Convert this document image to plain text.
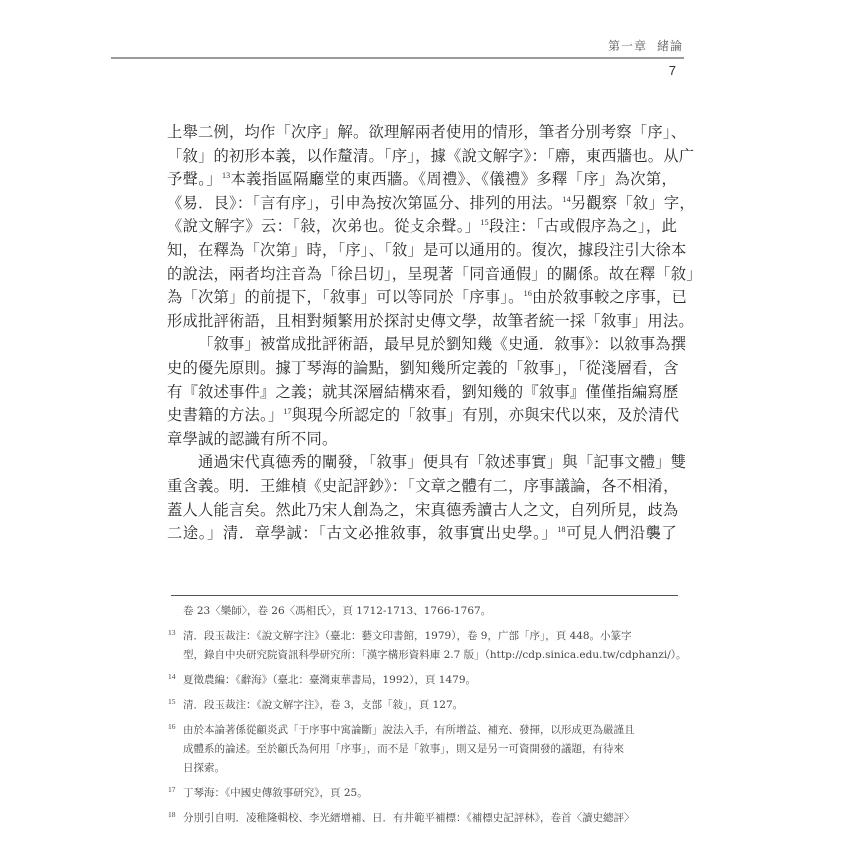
第一章 緒論
7
上舉二例，均作「次序」解。欲理解兩者使用的情形，筆者分別考察「序」、
「敘」的初形本義，以作釐清。「序」，據《說文解字》：「廗，東西牆也。从广
予聲。」$^{13}$本義指區隔廳堂的東西牆。《周禮》、《儀禮》多釋「序」為次第，
《易．艮》：「言有序」，引申為按次第區分、排列的用法。$^{14}$另觀察「敘」字，
《說文解字》云：「敍，次弟也。從攴余聲。」$^{15}$段注：「古或假序為之」，此
知，在釋為「次第」時，「序」、「敘」是可以通用的。復次，據段注引大徐本
的說法，兩者均注音為「徐吕切」，呈現著「同音通假」的關係。故在釋「敘」
為「次第」的前提下，「敘事」可以等同於「序事」。$^{16}$由於敘事較之序事，已
形成批評術語，且相對頻繁用於探討史傳文學，故筆者統一採「敘事」用法。
「敘事」被當成批評術語，最早見於劉知幾《史通．敘事》：以敘事為撰
史的優先原則。據丁琴海的論點，劉知幾所定義的「敘事」，「從淺層看，含
有『敘述事件』之義；就其深層結構來看，劉知幾的『敘事』僅僅指編寫歷
史書籍的方法。」$^{17}$與現今所認定的「敘事」有別，亦與宋代以來，及於清代
章學誠的認識有所不同。
通過宋代真德秀的闡發，「敘事」便具有「敘述事實」與「記事文體」雙
重含義。明．王維楨《史記評鈔》：「文章之體有二，序事議論，各不相淆，
蓋人人能言矣。然此乃宋人創為之，宋真德秀讀古人之文，自列所見，歧為
二途。」清．章學誠：「古文必推敘事，敘事實出史學。」$^{18}$可見人們沿襲了
卷 23〈樂師〉，卷 26〈馮相氏〉，頁 1712-1713、1766-1767。
13 清．段玉裁注：《說文解字注》（臺北：藝文印書館，1979），卷 9，广部「序」，頁 448。小篆字
型，錄自中央研究院資訊科學研究所：「漢字構形資料庫 2.7 版」（http://cdp.sinica.edu.tw/cdphanzi/）。
14 夏徵農編：《辭海》（臺北：臺灣東華書局，1992），頁 1479。
15 清．段玉裁注：《說文解字注》，卷 3，攴部「敍」，頁 127。
16 由於本論著係從顧炎武「于序事中寓論斷」說法入手，有所增益、補充、發揮，以形成更為嚴謹且
成體系的論述。至於顧氏為何用「序事」，而不是「敘事」，則又是另一可資開發的議題，有待來
日探索。
17 丁琴海：《中國史傳敘事研究》，頁 25。
18 分別引自明．凌稚隆輯校、李光縉增補、日．有井範平補標：《補標史記評林》，卷首〈讀史總評〉
